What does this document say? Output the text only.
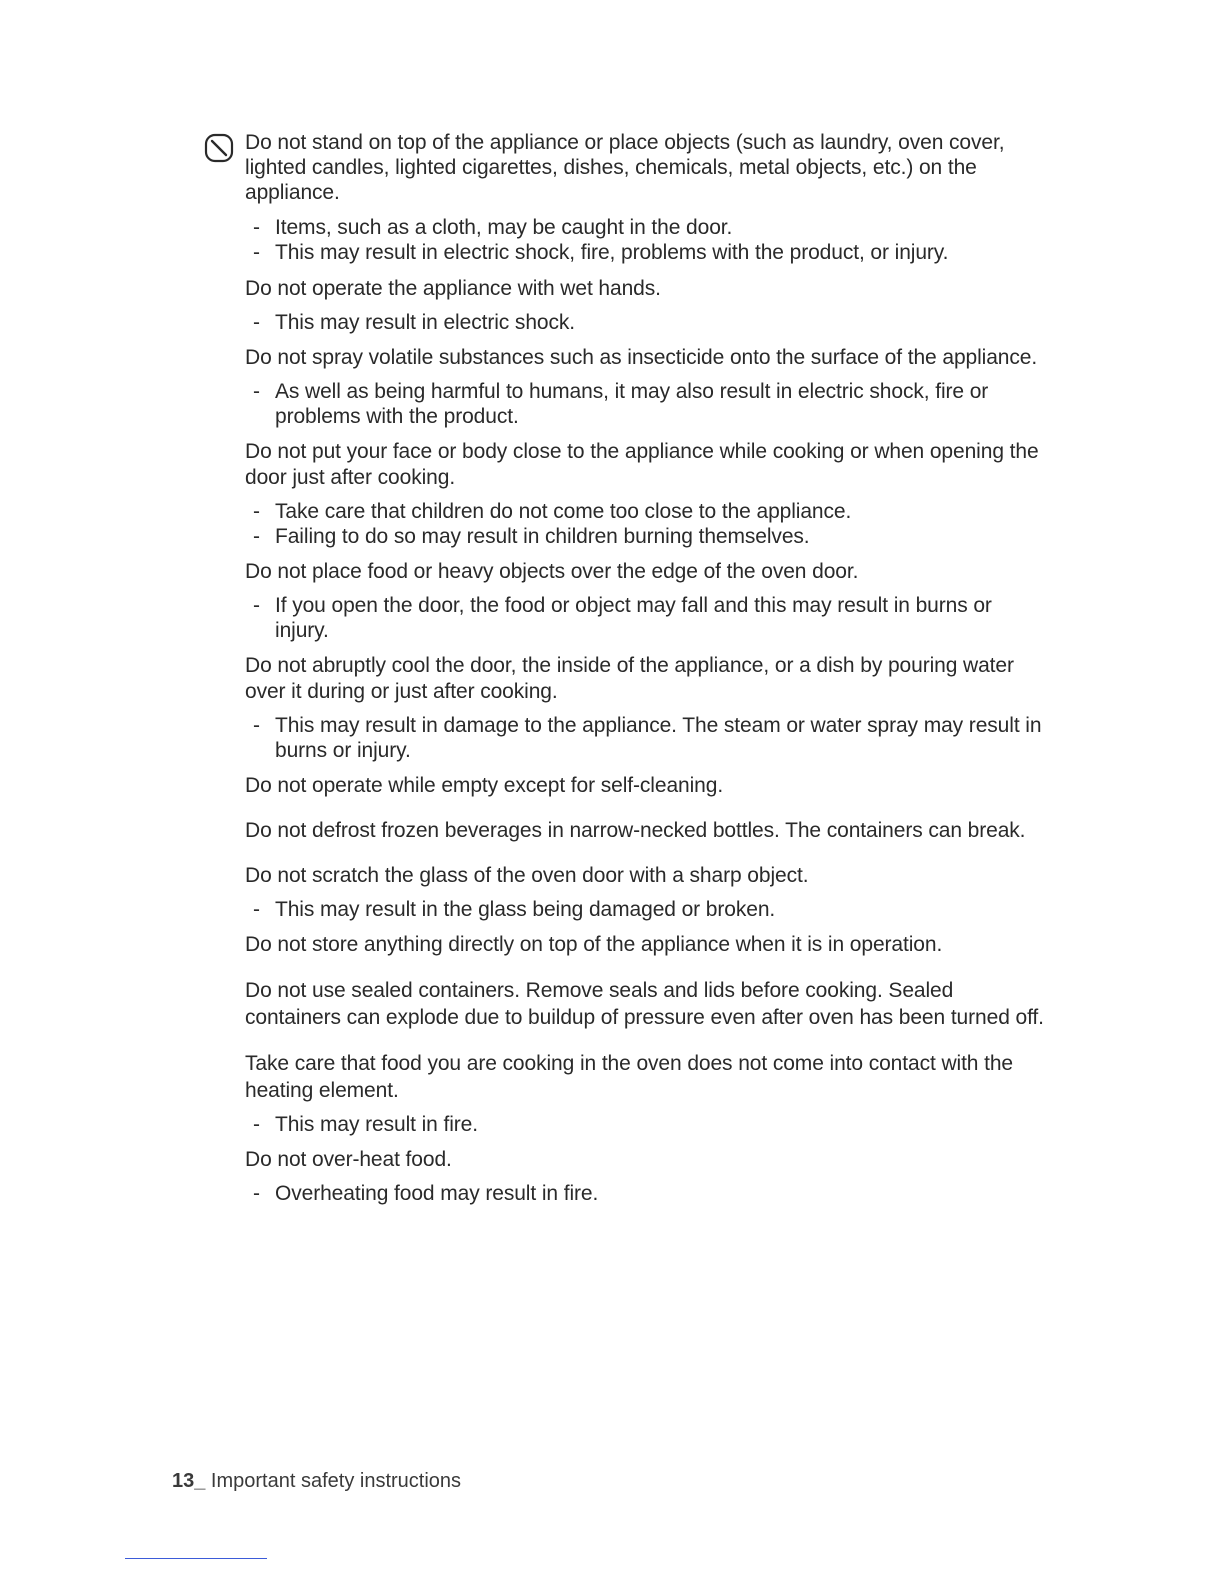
Do not stand on top of the appliance or place objects (such as laundry, oven cover, lighted candles, lighted cigarettes, dishes, chemicals, metal objects, etc.) on the appliance.

- Items, such as a cloth, may be caught in the door.

- This may result in electric shock, fire, problems with the product, or injury.

Do not operate the appliance with wet hands.

- This may result in electric shock.

Do not spray volatile substances such as insecticide onto the surface of the appliance.

- As well as being harmful to humans, it may also result in electric shock, fire or problems with the product.

Do not put your face or body close to the appliance while cooking or when opening the door just after cooking.

- Take care that children do not come too close to the appliance.

- Failing to do so may result in children burning themselves.

Do not place food or heavy objects over the edge of the oven door.

- If you open the door, the food or object may fall and this may result in burns or injury.

Do not abruptly cool the door, the inside of the appliance, or a dish by pouring water over it during or just after cooking.

- This may result in damage to the appliance. The steam or water spray may result in burns or injury.

Do not operate while empty except for self-cleaning.

Do not defrost frozen beverages in narrow-necked bottles. The containers can break.

Do not scratch the glass of the oven door with a sharp object.

- This may result in the glass being damaged or broken.

Do not store anything directly on top of the appliance when it is in operation.

Do not use sealed containers. Remove seals and lids before cooking. Sealed containers can explode due to buildup of pressure even after oven has been turned off.

Take care that food you are cooking in the oven does not come into contact with the heating element.

- This may result in fire.

Do not over-heat food.

- Overheating food may result in fire.

13_ Important safety instructions
